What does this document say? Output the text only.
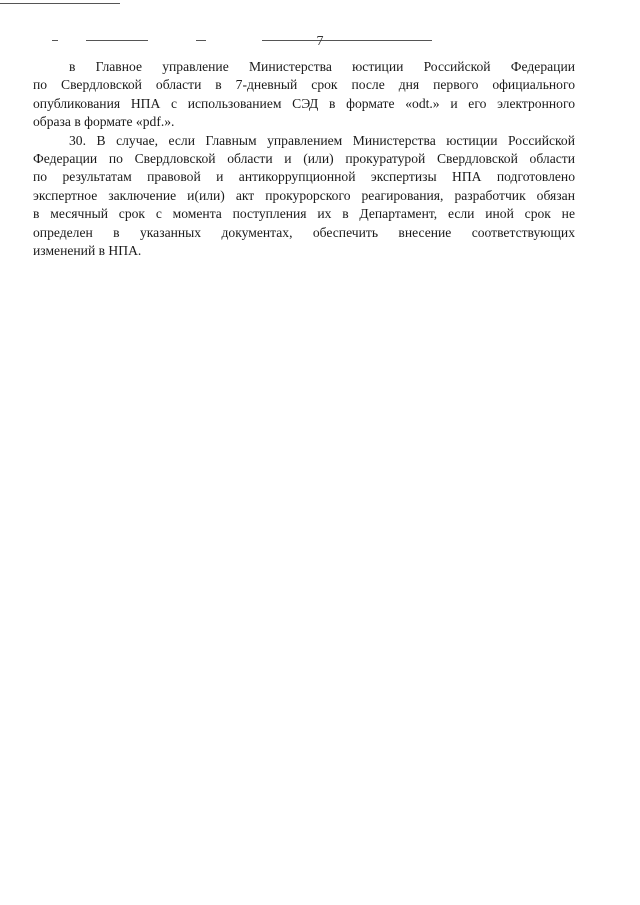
7
в Главное управление Министерства юстиции Российской Федерации
по Свердловской области в 7-дневный срок после дня первого официального
опубликования НПА с использованием СЭД в формате «odt.» и его электронного
образа в формате «pdf.».
30. В случае, если Главным управлением Министерства юстиции Российской
Федерации по Свердловской области и (или) прокуратурой Свердловской области
по результатам правовой и антикоррупционной экспертизы НПА подготовлено
экспертное заключение и(или) акт прокурорского реагирования, разработчик обязан
в месячный срок с момента поступления их в Департамент, если иной срок не
определен в указанных документах, обеспечить внесение соответствующих
изменений в НПА.
